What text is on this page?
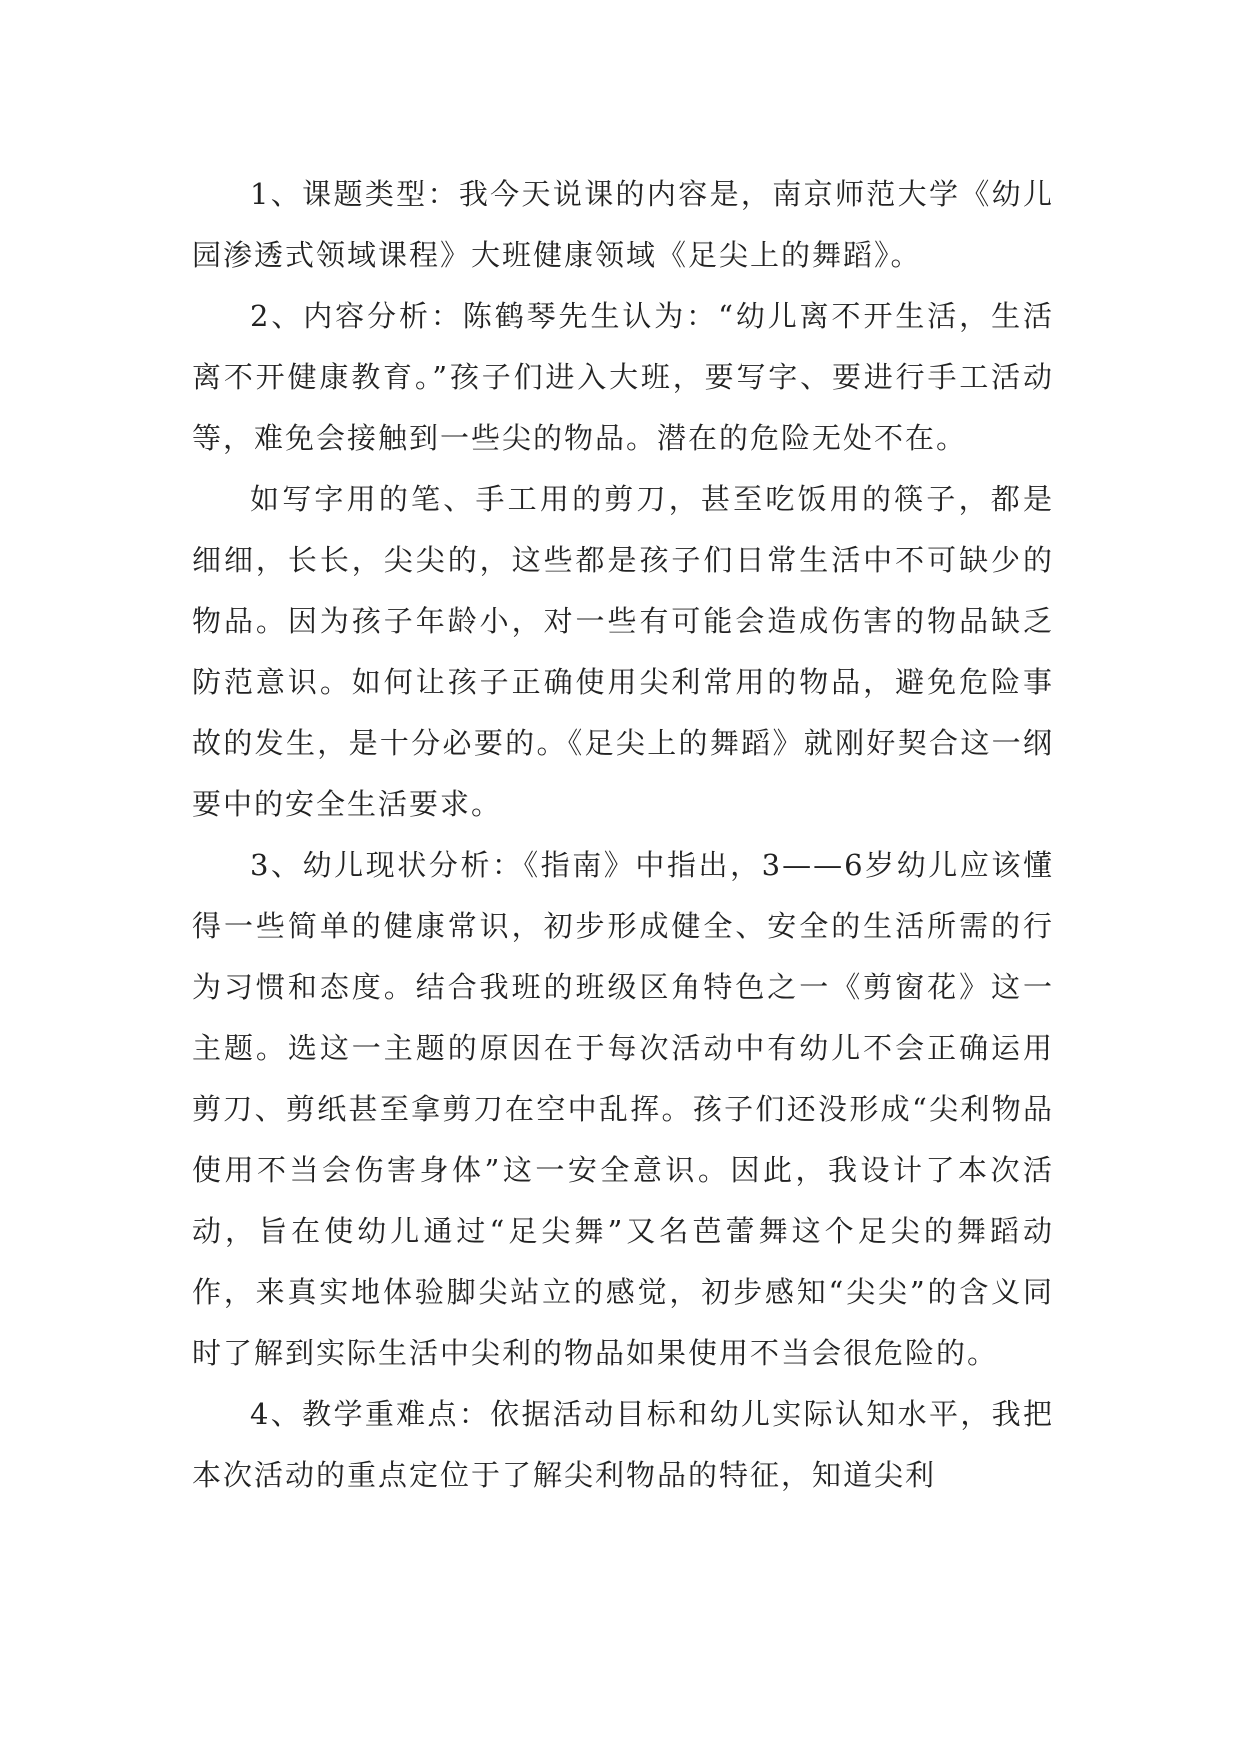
1、课题类型：我今天说课的内容是，南京师范大学《幼儿园渗透式领域课程》大班健康领域《足尖上的舞蹈》。

2、内容分析：陈鹤琴先生认为：“幼儿离不开生活，生活离不开健康教育。”孩子们进入大班，要写字、要进行手工活动等，难免会接触到一些尖的物品。潜在的危险无处不在。

如写字用的笔、手工用的剪刀，甚至吃饭用的筷子，都是细细，长长，尖尖的，这些都是孩子们日常生活中不可缺少的物品。因为孩子年龄小，对一些有可能会造成伤害的物品缺乏防范意识。如何让孩子正确使用尖利常用的物品，避免危险事故的发生，是十分必要的。《足尖上的舞蹈》就刚好契合这一纲要中的安全生活要求。

3、幼儿现状分析：《指南》中指出，3——6岁幼儿应该懂得一些简单的健康常识，初步形成健全、安全的生活所需的行为习惯和态度。结合我班的班级区角特色之一《剪窗花》这一主题。选这一主题的原因在于每次活动中有幼儿不会正确运用剪刀、剪纸甚至拿剪刀在空中乱挥。孩子们还没形成“尖利物品使用不当会伤害身体”这一安全意识。因此，我设计了本次活动，旨在使幼儿通过“足尖舞”又名芭蕾舞这个足尖的舞蹈动作，来真实地体验脚尖站立的感觉，初步感知“尖尖”的含义同时了解到实际生活中尖利的物品如果使用不当会很危险的。

4、教学重难点：依据活动目标和幼儿实际认知水平，我把本次活动的重点定位于了解尖利物品的特征，知道尖利
